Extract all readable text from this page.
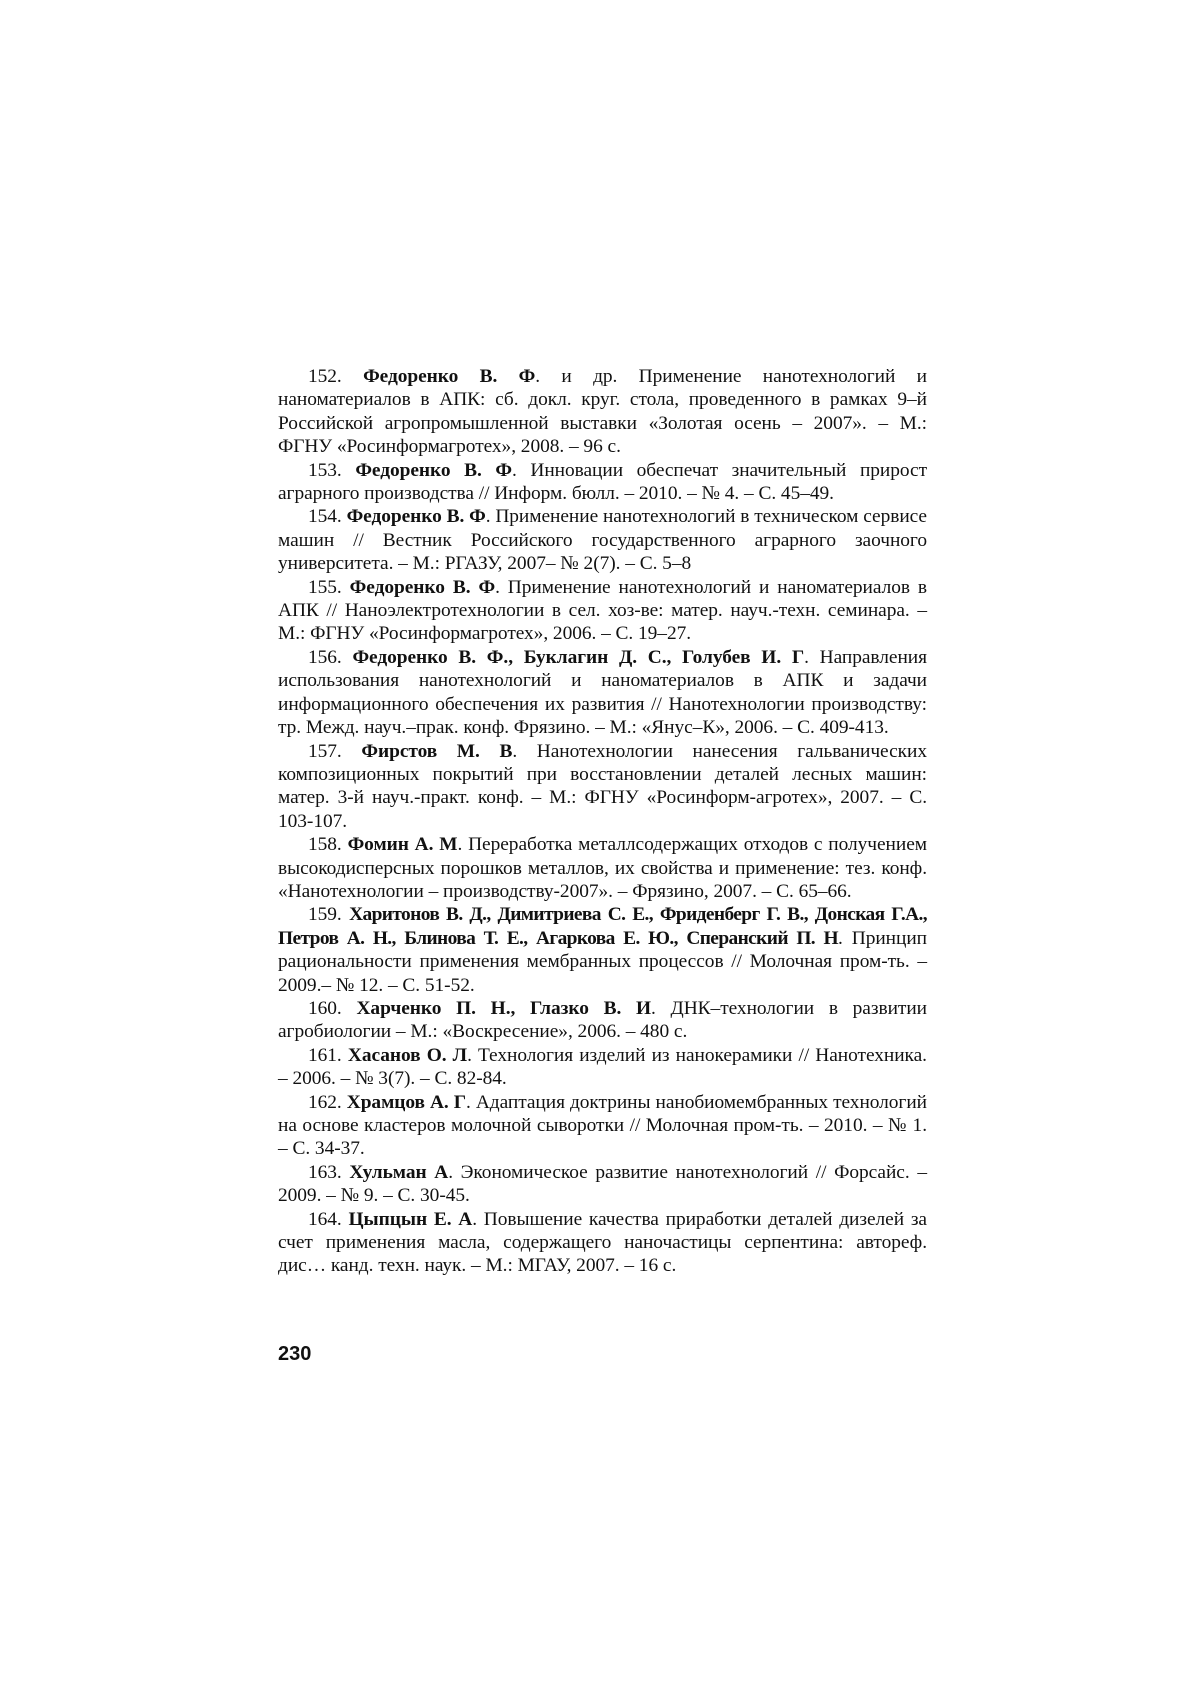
152. Федоренко В. Ф. и др. Применение нанотехнологий и наноматериалов в АПК: сб. докл. круг. стола, проведенного в рамках 9–й Российской агропромышленной выставки «Золотая осень – 2007». – М.: ФГНУ «Росинформагротех», 2008. – 96 с.

153. Федоренко В. Ф. Инновации обеспечат значительный прирост аграрного производства // Информ. бюлл. – 2010. – № 4. – С. 45–49.

154. Федоренко В. Ф. Применение нанотехнологий в техническом сервисе машин // Вестник Российского государственного аграрного заочного университета. – М.: РГАЗУ, 2007– № 2(7). – С. 5–8

155. Федоренко В. Ф. Применение нанотехнологий и наноматериалов в АПК // Наноэлектротехнологии в сел. хоз-ве: матер. науч.-техн. семинара. – М.: ФГНУ «Росинформагротех», 2006. – С. 19–27.

156. Федоренко В. Ф., Буклагин Д. С., Голубев И. Г. Направления использования нанотехнологий и наноматериалов в АПК и задачи информационного обеспечения их развития // Нанотехнологии производству: тр. Межд. науч.–прак. конф. Фрязино. – М.: «Янус–К», 2006. – С. 409-413.

157. Фирстов М. В. Нанотехнологии нанесения гальванических композиционных покрытий при восстановлении деталей лесных машин: матер. 3-й науч.-практ. конф. – М.: ФГНУ «Росинформ-агротех», 2007. – С. 103-107.

158. Фомин А. М. Переработка металлсодержащих отходов с получением высокодисперсных порошков металлов, их свойства и применение: тез. конф. «Нанотехнологии – производству-2007». – Фрязино, 2007. – С. 65–66.

159. Харитонов В. Д., Димитриева С. Е., Фриденберг Г. В., Донская Г.А., Петров А. Н., Блинова Т. Е., Агаркова Е. Ю., Сперанский П. Н. Принцип рациональности применения мембранных процессов // Молочная пром-ть. – 2009.– № 12. – С. 51-52.

160. Харченко П. Н., Глазко В. И. ДНК–технологии в развитии агробиологии – М.: «Воскресение», 2006. – 480 с.

161. Хасанов О. Л. Технология изделий из нанокерамики // Нанотехника. – 2006. – № 3(7). – С. 82-84.

162. Храмцов А. Г. Адаптация доктрины нанобиомембранных технологий на основе кластеров молочной сыворотки // Молочная пром-ть. – 2010. – № 1. – С. 34-37.

163. Хульман А. Экономическое развитие нанотехнологий // Форсайс. – 2009. – № 9. – С. 30-45.

164. Цыпцын Е. А. Повышение качества приработки деталей дизелей за счет применения масла, содержащего наночастицы серпентина: автореф. дис… канд. техн. наук. – М.: МГАУ, 2007. – 16 с.

230
